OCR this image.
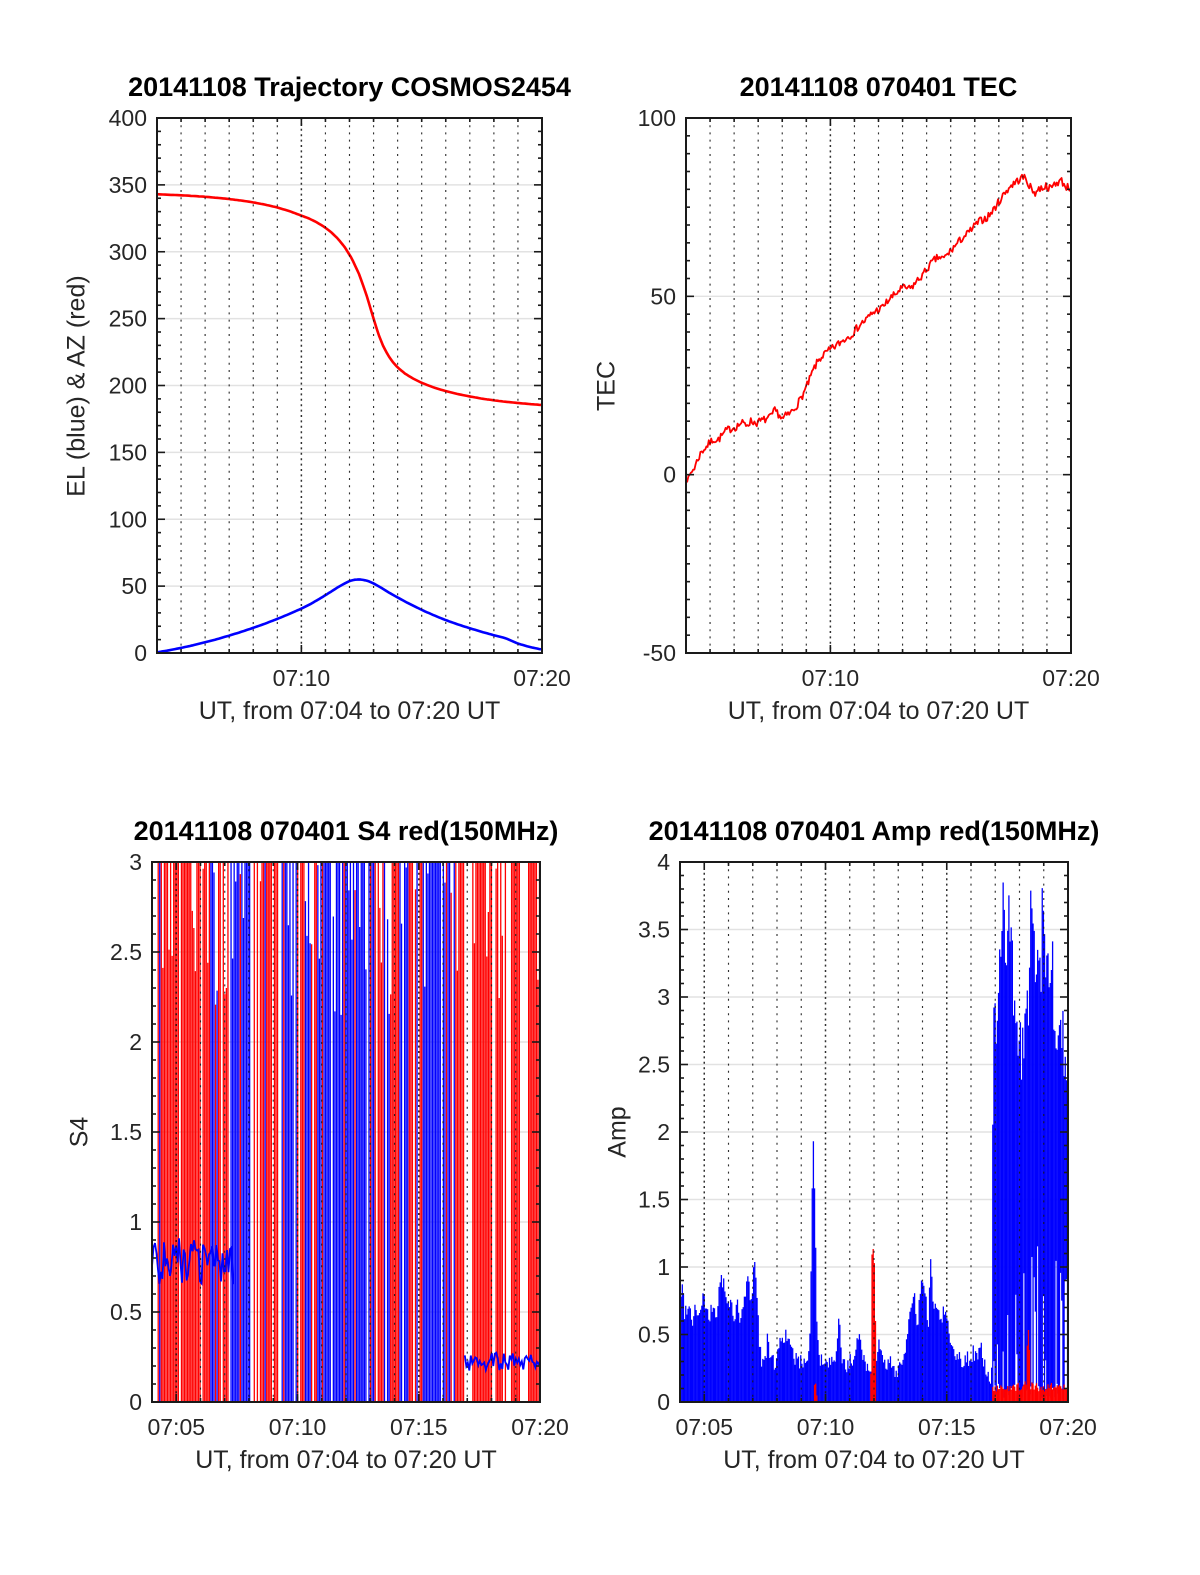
20141108 Trajectory COSMOS2454
UT, from 07:04 to 07:20 UT
EL (blue) & AZ (red)
07:10	07:20
0
50
100
150
200
250
300
350
400
20141108 070401 TEC
UT, from 07:04 to 07:20 UT
TEC
07:10	07:20
-50
0
50
100
20141108 070401 S4 red(150MHz)
UT, from 07:04 to 07:20 UT
S4
07:05	07:10	07:15	07:20
0
0.5
1
1.5
2
2.5
3
20141108 070401 Amp red(150MHz)
UT, from 07:04 to 07:20 UT
Amp
07:05	07:10	07:15	07:20
0
0.5
1
1.5
2
2.5
3
3.5
4
